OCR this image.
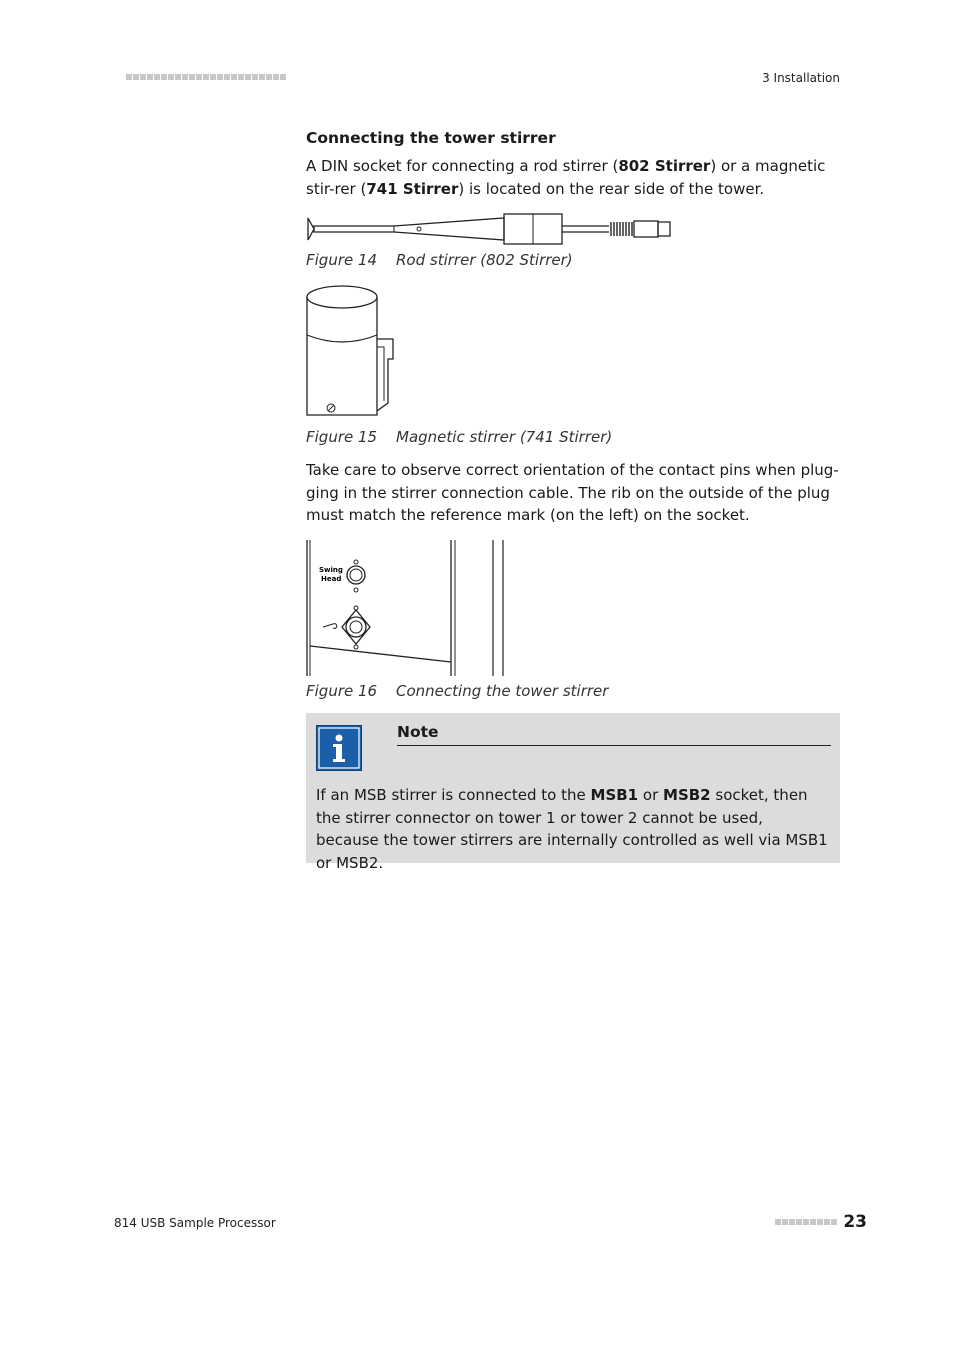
3 Installation
Connecting the tower stirrer
A DIN socket for connecting a rod stirrer (802 Stirrer) or a magnetic stir-rer (741 Stirrer) is located on the rear side of the tower.
Figure 14 Rod stirrer (802 Stirrer)
Figure 15 Magnetic stirrer (741 Stirrer)
Take care to observe correct orientation of the contact pins when plug-ging in the stirrer connection cable. The rib on the outside of the plug must match the reference mark (on the left) on the socket.
Swing
Head
Figure 16 Connecting the tower stirrer
Note
If an MSB stirrer is connected to the MSB1 or MSB2 socket, then the stirrer connector on tower 1 or tower 2 cannot be used, because the tower stirrers are internally controlled as well via MSB1 or MSB2.
814 USB Sample Processor	23
